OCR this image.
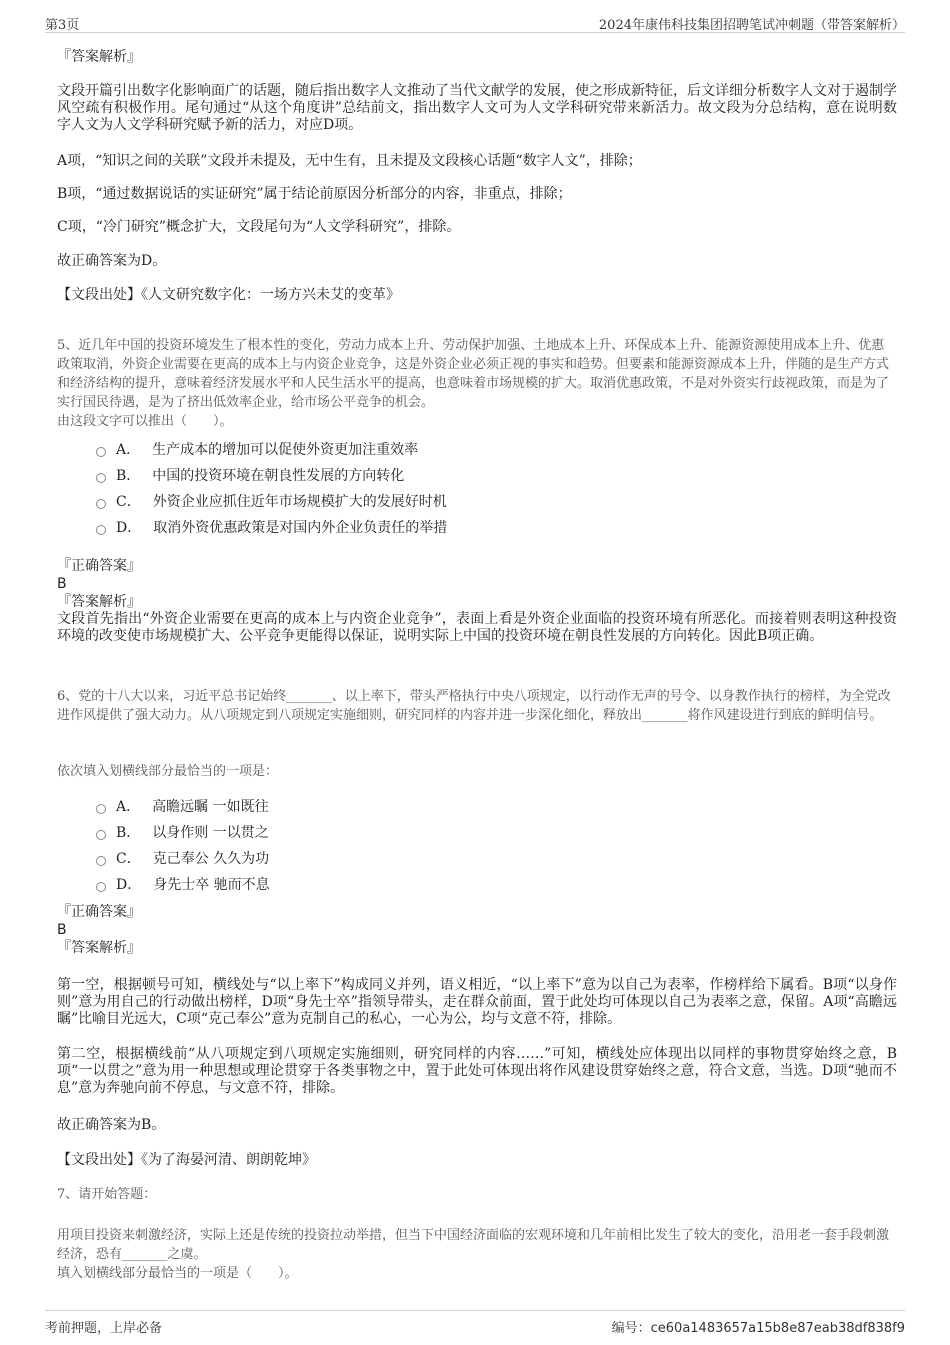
第3页	2024年康伟科技集团招聘笔试冲刺题（带答案解析）

『答案解析』

文段开篇引出数字化影响面广的话题，随后指出数字人文推动了当代文献学的发展，使之形成新特征，后文详细分析数字人文对于遏制学风空疏有积极作用。尾句通过“从这个角度讲”总结前文，指出数字人文可为人文学科研究带来新活力。故文段为分总结构，意在说明数字人文为人文学科研究赋予新的活力，对应D项。

A项，“知识之间的关联”文段并未提及，无中生有，且未提及文段核心话题“数字人文”，排除；

B项，“通过数据说话的实证研究”属于结论前原因分析部分的内容，非重点，排除；

C项，“冷门研究”概念扩大，文段尾句为“人文学科研究”，排除。

故正确答案为D。

【文段出处】《人文研究数字化：一场方兴未艾的变革》

5、近几年中国的投资环境发生了根本性的变化，劳动力成本上升、劳动保护加强、土地成本上升、环保成本上升、能源资源使用成本上升、优惠政策取消，外资企业需要在更高的成本上与内资企业竞争，这是外资企业必须正视的事实和趋势。但要素和能源资源成本上升，伴随的是生产方式和经济结构的提升，意味着经济发展水平和人民生活水平的提高，也意味着市场规模的扩大。取消优惠政策，不是对外资实行歧视政策，而是为了实行国民待遇，是为了挤出低效率企业，给市场公平竞争的机会。

由这段文字可以推出（　　）。

A． 生产成本的增加可以促使外资更加注重效率
B． 中国的投资环境在朝良性发展的方向转化
C． 外资企业应抓住近年市场规模扩大的发展好时机
D． 取消外资优惠政策是对国内外企业负责任的举措

『正确答案』

B

『答案解析』

文段首先指出“外资企业需要在更高的成本上与内资企业竞争”，表面上看是外资企业面临的投资环境有所恶化。而接着则表明这种投资环境的改变使市场规模扩大、公平竞争更能得以保证，说明实际上中国的投资环境在朝良性发展的方向转化。因此B项正确。

6、党的十八大以来，习近平总书记始终_______、以上率下，带头严格执行中央八项规定，以行动作无声的号令、以身教作执行的榜样，为全党改进作风提供了强大动力。从八项规定到八项规定实施细则，研究同样的内容并进一步深化细化，释放出_______将作风建设进行到底的鲜明信号。

依次填入划横线部分最恰当的一项是：

A． 高瞻远瞩 一如既往
B． 以身作则 一以贯之
C． 克己奉公 久久为功
D． 身先士卒 驰而不息

『正确答案』

B

『答案解析』

第一空，根据顿号可知，横线处与“以上率下”构成同义并列，语义相近，“以上率下”意为以自己为表率，作榜样给下属看。B项“以身作则”意为用自己的行动做出榜样，D项“身先士卒”指领导带头，走在群众前面，置于此处均可体现以自己为表率之意，保留。A项“高瞻远瞩”比喻目光远大，C项“克己奉公”意为克制自己的私心，一心为公，均与文意不符，排除。

第二空，根据横线前“从八项规定到八项规定实施细则，研究同样的内容……”可知，横线处应体现出以同样的事物贯穿始终之意，B项“一以贯之”意为用一种思想或理论贯穿于各类事物之中，置于此处可体现出将作风建设贯穿始终之意，符合文意，当选。D项“驰而不息”意为奔驰向前不停息，与文意不符，排除。

故正确答案为B。

【文段出处】《为了海晏河清、朗朗乾坤》

7、请开始答题：

用项目投资来刺激经济，实际上还是传统的投资拉动举措，但当下中国经济面临的宏观环境和几年前相比发生了较大的变化，沿用老一套手段刺激经济，恐有_______之虞。

填入划横线部分最恰当的一项是（　　）。

考前押题，上岸必备	编号：ce60a1483657a15b8e87eab38df838f9
